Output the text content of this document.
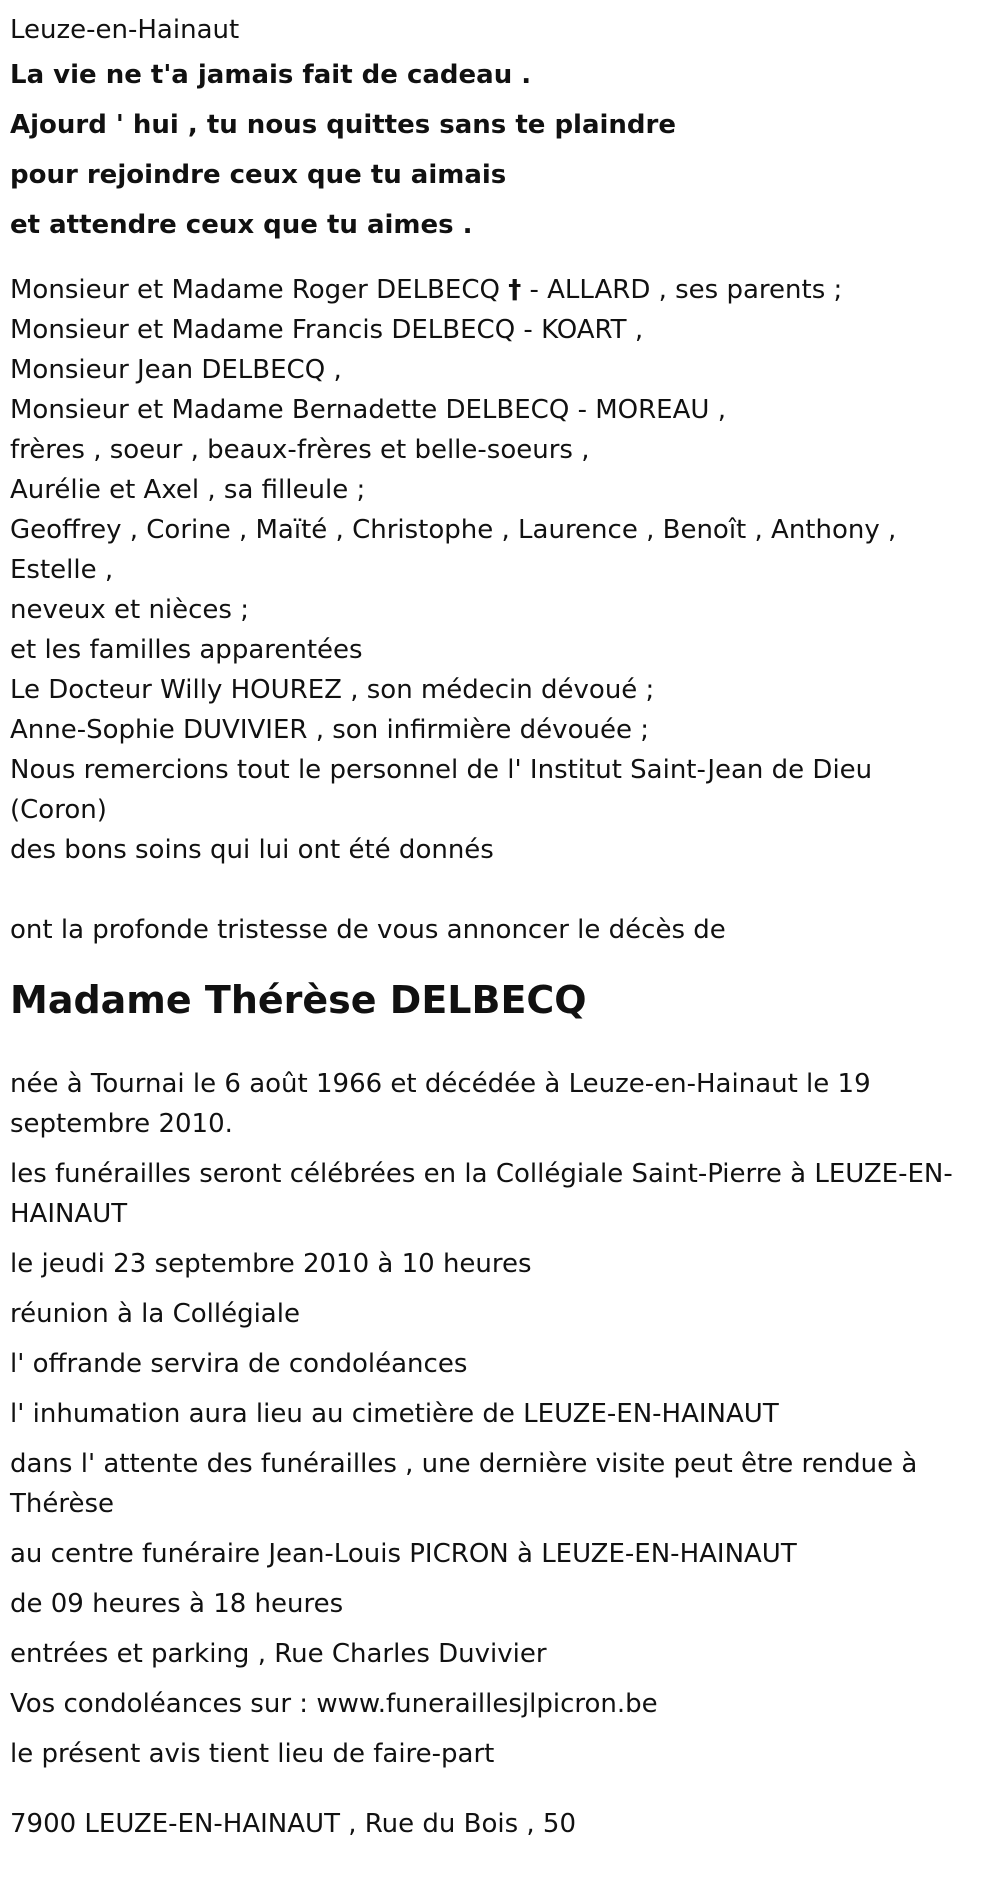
Leuze-en-Hainaut

La vie ne t'a jamais fait de cadeau .

Ajourd ' hui , tu nous quittes sans te plaindre

pour rejoindre ceux que tu aimais

et attendre ceux que tu aimes .

Monsieur et Madame Roger DELBECQ † - ALLARD , ses parents ;

Monsieur et Madame Francis DELBECQ - KOART ,

Monsieur Jean DELBECQ ,

Monsieur et Madame Bernadette DELBECQ - MOREAU ,

frères , soeur , beaux-frères et belle-soeurs ,

Aurélie et Axel , sa filleule ;

Geoffrey , Corine , Maïté , Christophe , Laurence , Benoît , Anthony , Estelle ,

neveux et nièces ;

et les familles apparentées

Le Docteur Willy HOUREZ , son médecin dévoué ;

Anne-Sophie DUVIVIER , son infirmière dévouée ;

Nous remercions tout le personnel de l' Institut Saint-Jean de Dieu (Coron)

des bons soins qui lui ont été donnés

ont la profonde tristesse de vous annoncer le décès de

Madame Thérèse DELBECQ

née à Tournai le 6 août 1966 et décédée à Leuze-en-Hainaut le 19 septembre 2010.

les funérailles seront célébrées en la Collégiale Saint-Pierre à LEUZE-EN-HAINAUT

le jeudi 23 septembre 2010 à 10 heures

réunion à la Collégiale

l' offrande servira de condoléances

l' inhumation aura lieu au cimetière de LEUZE-EN-HAINAUT

dans l' attente des funérailles , une dernière visite peut être rendue à Thérèse

au centre funéraire Jean-Louis PICRON à LEUZE-EN-HAINAUT

de 09 heures à 18 heures

entrées et parking , Rue Charles Duvivier

Vos condoléances sur : www.funeraillesjlpicron.be

le présent avis tient lieu de faire-part

7900 LEUZE-EN-HAINAUT , Rue du Bois , 50
